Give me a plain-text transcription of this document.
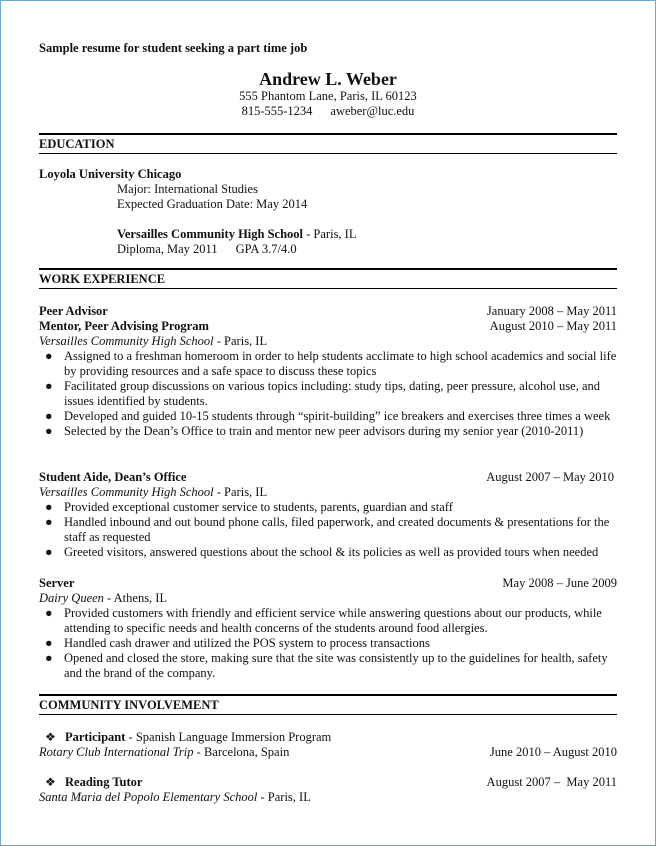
Sample resume for student seeking a part time job
Andrew L. Weber
555 Phantom Lane, Paris, IL 60123
815-555-1234 aweber@luc.edu
EDUCATION
Loyola University Chicago
Major: International Studies
Expected Graduation Date: May 2014
Versailles Community High School - Paris, IL
Diploma, May 2011 GPA 3.7/4.0
WORK EXPERIENCE
Peer Advisor	January 2008 – May 2011
Mentor, Peer Advising Program	August 2010 – May 2011
Versailles Community High School - Paris, IL
● Assigned to a freshman homeroom in order to help students acclimate to high school academics and social life by providing resources and a safe space to discuss these topics
● Facilitated group discussions on various topics including: study tips, dating, peer pressure, alcohol use, and issues identified by students.
● Developed and guided 10-15 students through “spirit-building” ice breakers and exercises three times a week
● Selected by the Dean’s Office to train and mentor new peer advisors during my senior year (2010-2011)
Student Aide, Dean’s Office	August 2007 – May 2010
Versailles Community High School - Paris, IL
● Provided exceptional customer service to students, parents, guardian and staff
● Handled inbound and out bound phone calls, filed paperwork, and created documents & presentations for the staff as requested
● Greeted visitors, answered questions about the school & its policies as well as provided tours when needed
Server	May 2008 – June 2009
Dairy Queen - Athens, IL
● Provided customers with friendly and efficient service while answering questions about our products, while attending to specific needs and health concerns of the students around food allergies.
● Handled cash drawer and utilized the POS system to process transactions
● Opened and closed the store, making sure that the site was consistently up to the guidelines for health, safety and the brand of the company.
COMMUNITY INVOLVEMENT
❖ Participant - Spanish Language Immersion Program
Rotary Club International Trip - Barcelona, Spain	June 2010 – August 2010
❖ Reading Tutor	August 2007 –  May 2011
Santa Maria del Popolo Elementary School - Paris, IL
